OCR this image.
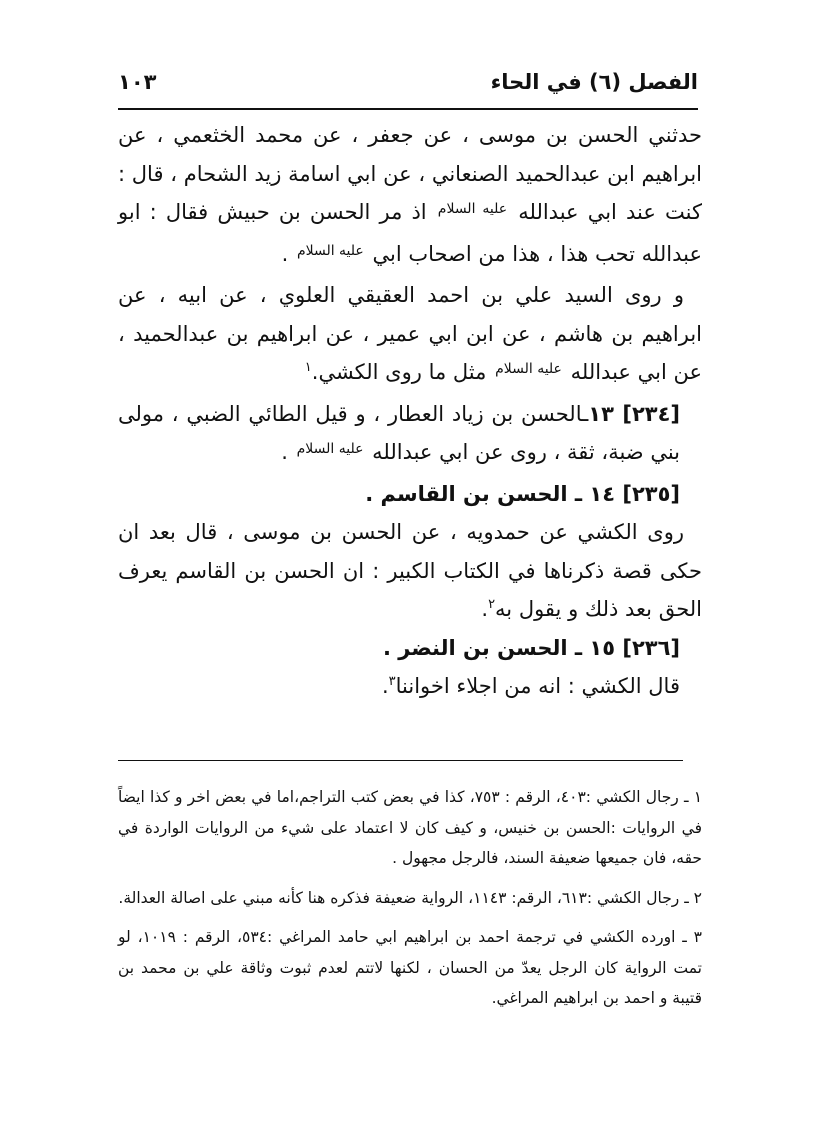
الفصل (٦) في الحاء
١٠٣

حدثني الحسن بن موسى ، عن جعفر ، عن محمد الخثعمي ، عن ابراهيم ابن عبدالحميد الصنعاني ، عن ابي اسامة زيد الشحام ، قال : كنت عند ابي عبدالله $^{عليه السلام}$ اذ مر الحسن بن حبيش فقال : ابو عبدالله تحب هذا ، هذا من اصحاب ابي $^{عليه السلام}$ .

و روى السيد علي بن احمد العقيقي العلوي ، عن ابيه ، عن ابراهيم بن هاشم ، عن ابن ابي عمير ، عن ابراهيم بن عبدالحميد ، عن ابي عبدالله $^{عليه السلام}$ مثل ما روى الكشي.$^١$

[٢٣٤] ١٣ـالحسن بن زياد العطار ، و قيل الطائي الضبي ، مولى بني ضبة، ثقة ، روى عن ابي عبدالله $^{عليه السلام}$ .

[٢٣٥] ١٤ ـ الحسن بن القاسم .

روى الكشي عن حمدويه ، عن الحسن بن موسى ، قال بعد ان حكى قصة ذكرناها في الكتاب الكبير : ان الحسن بن القاسم يعرف الحق بعد ذلك و يقول به$^٢$.

[٢٣٦] ١٥ ـ الحسن بن النضر .

قال الكشي : انه من اجلاء اخواننا$^٣$.

١ ـ رجال الكشي :٤٠٣، الرقم : ٧٥٣، كذا في بعض كتب التراجم،اما في بعض اخر و كذا ايضاً في الروايات :الحسن بن خنيس، و كيف كان لا اعتماد على شيء من الروايات الواردة في حقه، فان جميعها ضعيفة السند، فالرجل مجهول .

٢ ـ رجال الكشي :٦١٣، الرقم: ١١٤٣، الرواية ضعيفة فذكره هنا كأنه مبني على اصالة العدالة.

٣ ـ اورده الكشي في ترجمة احمد بن ابراهيم ابي حامد المراغي :٥٣٤، الرقم : ١٠١٩، لو تمت الرواية كان الرجل يعدّ من الحسان ، لكنها لاتتم لعدم ثبوت وثاقة علي بن محمد بن قتيبة و احمد بن ابراهيم المراغي.
